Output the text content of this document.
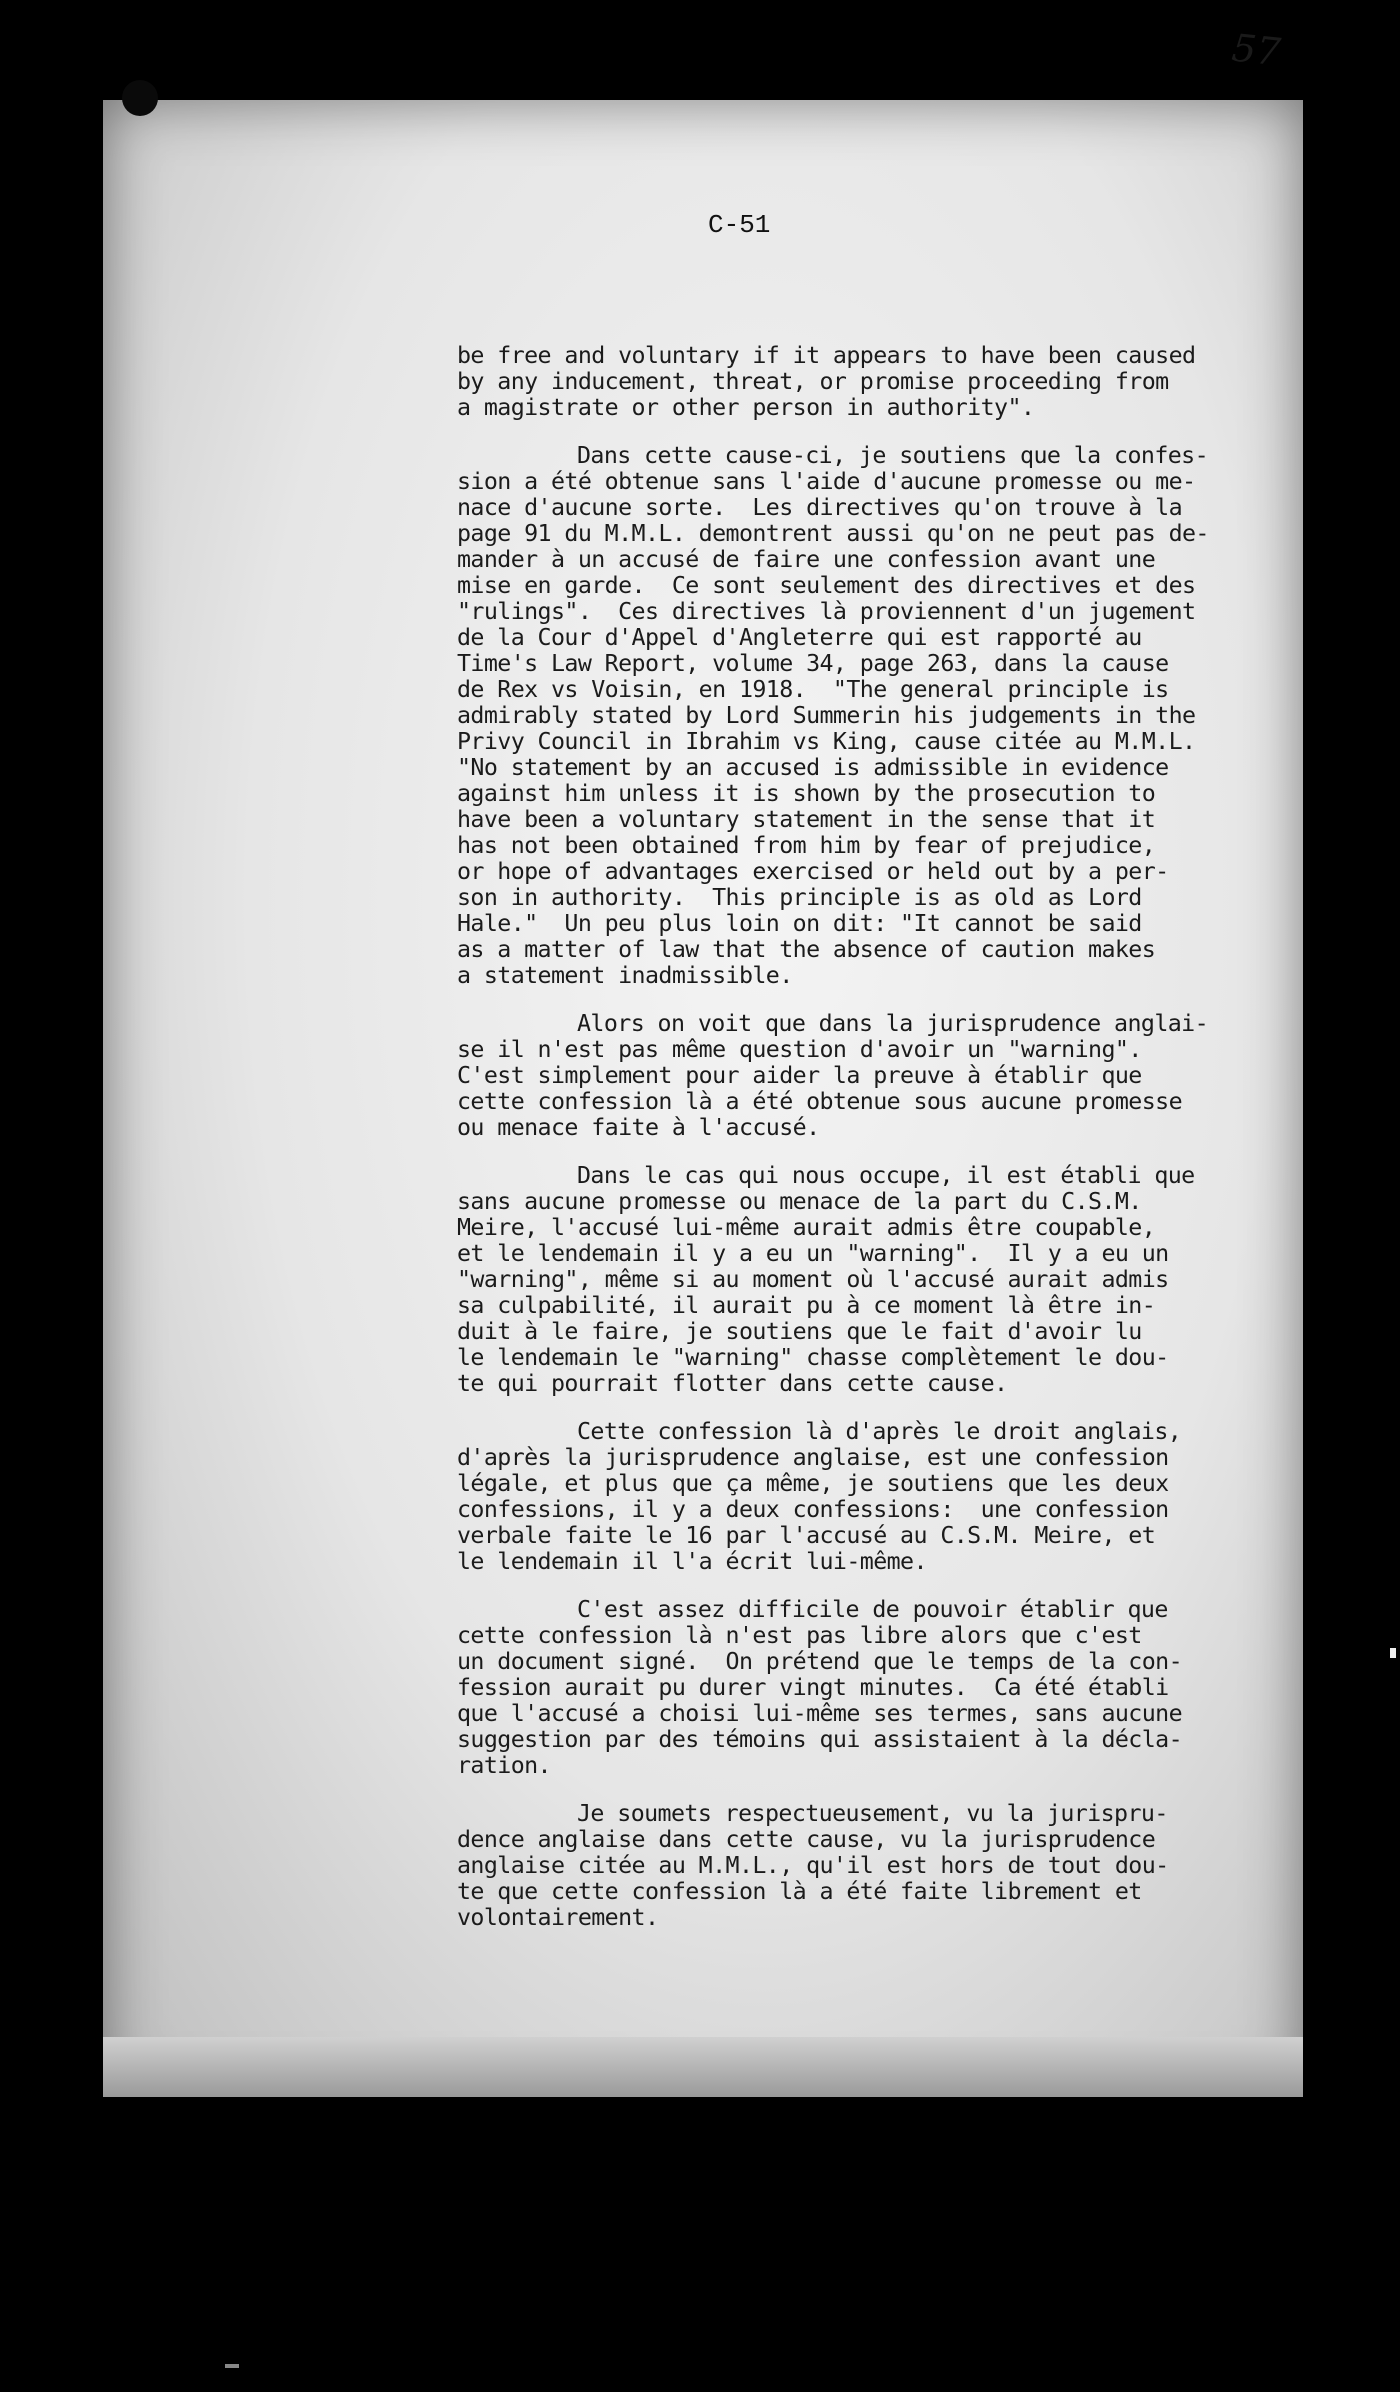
57
C-51
be free and voluntary if it appears to have been caused
by any inducement, threat, or promise proceeding from
a magistrate or other person in authority".
Dans cette cause-ci, je soutiens que la confes-
sion a été obtenue sans l'aide d'aucune promesse ou me-
nace d'aucune sorte.  Les directives qu'on trouve à la
page 91 du M.M.L. demontrent aussi qu'on ne peut pas de-
mander à un accusé de faire une confession avant une
mise en garde.  Ce sont seulement des directives et des
"rulings".  Ces directives là proviennent d'un jugement
de la Cour d'Appel d'Angleterre qui est rapporté au
Time's Law Report, volume 34, page 263, dans la cause
de Rex vs Voisin, en 1918.  "The general principle is
admirably stated by Lord Summerin his judgements in the
Privy Council in Ibrahim vs King, cause citée au M.M.L.
"No statement by an accused is admissible in evidence
against him unless it is shown by the prosecution to
have been a voluntary statement in the sense that it
has not been obtained from him by fear of prejudice,
or hope of advantages exercised or held out by a per-
son in authority.  This principle is as old as Lord
Hale."  Un peu plus loin on dit: "It cannot be said
as a matter of law that the absence of caution makes
a statement inadmissible.
Alors on voit que dans la jurisprudence anglai-
se il n'est pas même question d'avoir un "warning".
C'est simplement pour aider la preuve à établir que
cette confession là a été obtenue sous aucune promesse
ou menace faite à l'accusé.
Dans le cas qui nous occupe, il est établi que
sans aucune promesse ou menace de la part du C.S.M.
Meire, l'accusé lui-même aurait admis être coupable,
et le lendemain il y a eu un "warning".  Il y a eu un
"warning", même si au moment où l'accusé aurait admis
sa culpabilité, il aurait pu à ce moment là être in-
duit à le faire, je soutiens que le fait d'avoir lu
le lendemain le "warning" chasse complètement le dou-
te qui pourrait flotter dans cette cause.
Cette confession là d'après le droit anglais,
d'après la jurisprudence anglaise, est une confession
légale, et plus que ça même, je soutiens que les deux
confessions, il y a deux confessions:  une confession
verbale faite le 16 par l'accusé au C.S.M. Meire, et
le lendemain il l'a écrit lui-même.
C'est assez difficile de pouvoir établir que
cette confession là n'est pas libre alors que c'est
un document signé.  On prétend que le temps de la con-
fession aurait pu durer vingt minutes.  Ca été établi
que l'accusé a choisi lui-même ses termes, sans aucune
suggestion par des témoins qui assistaient à la décla-
ration.
Je soumets respectueusement, vu la jurispru-
dence anglaise dans cette cause, vu la jurisprudence
anglaise citée au M.M.L., qu'il est hors de tout dou-
te que cette confession là a été faite librement et
volontairement.
